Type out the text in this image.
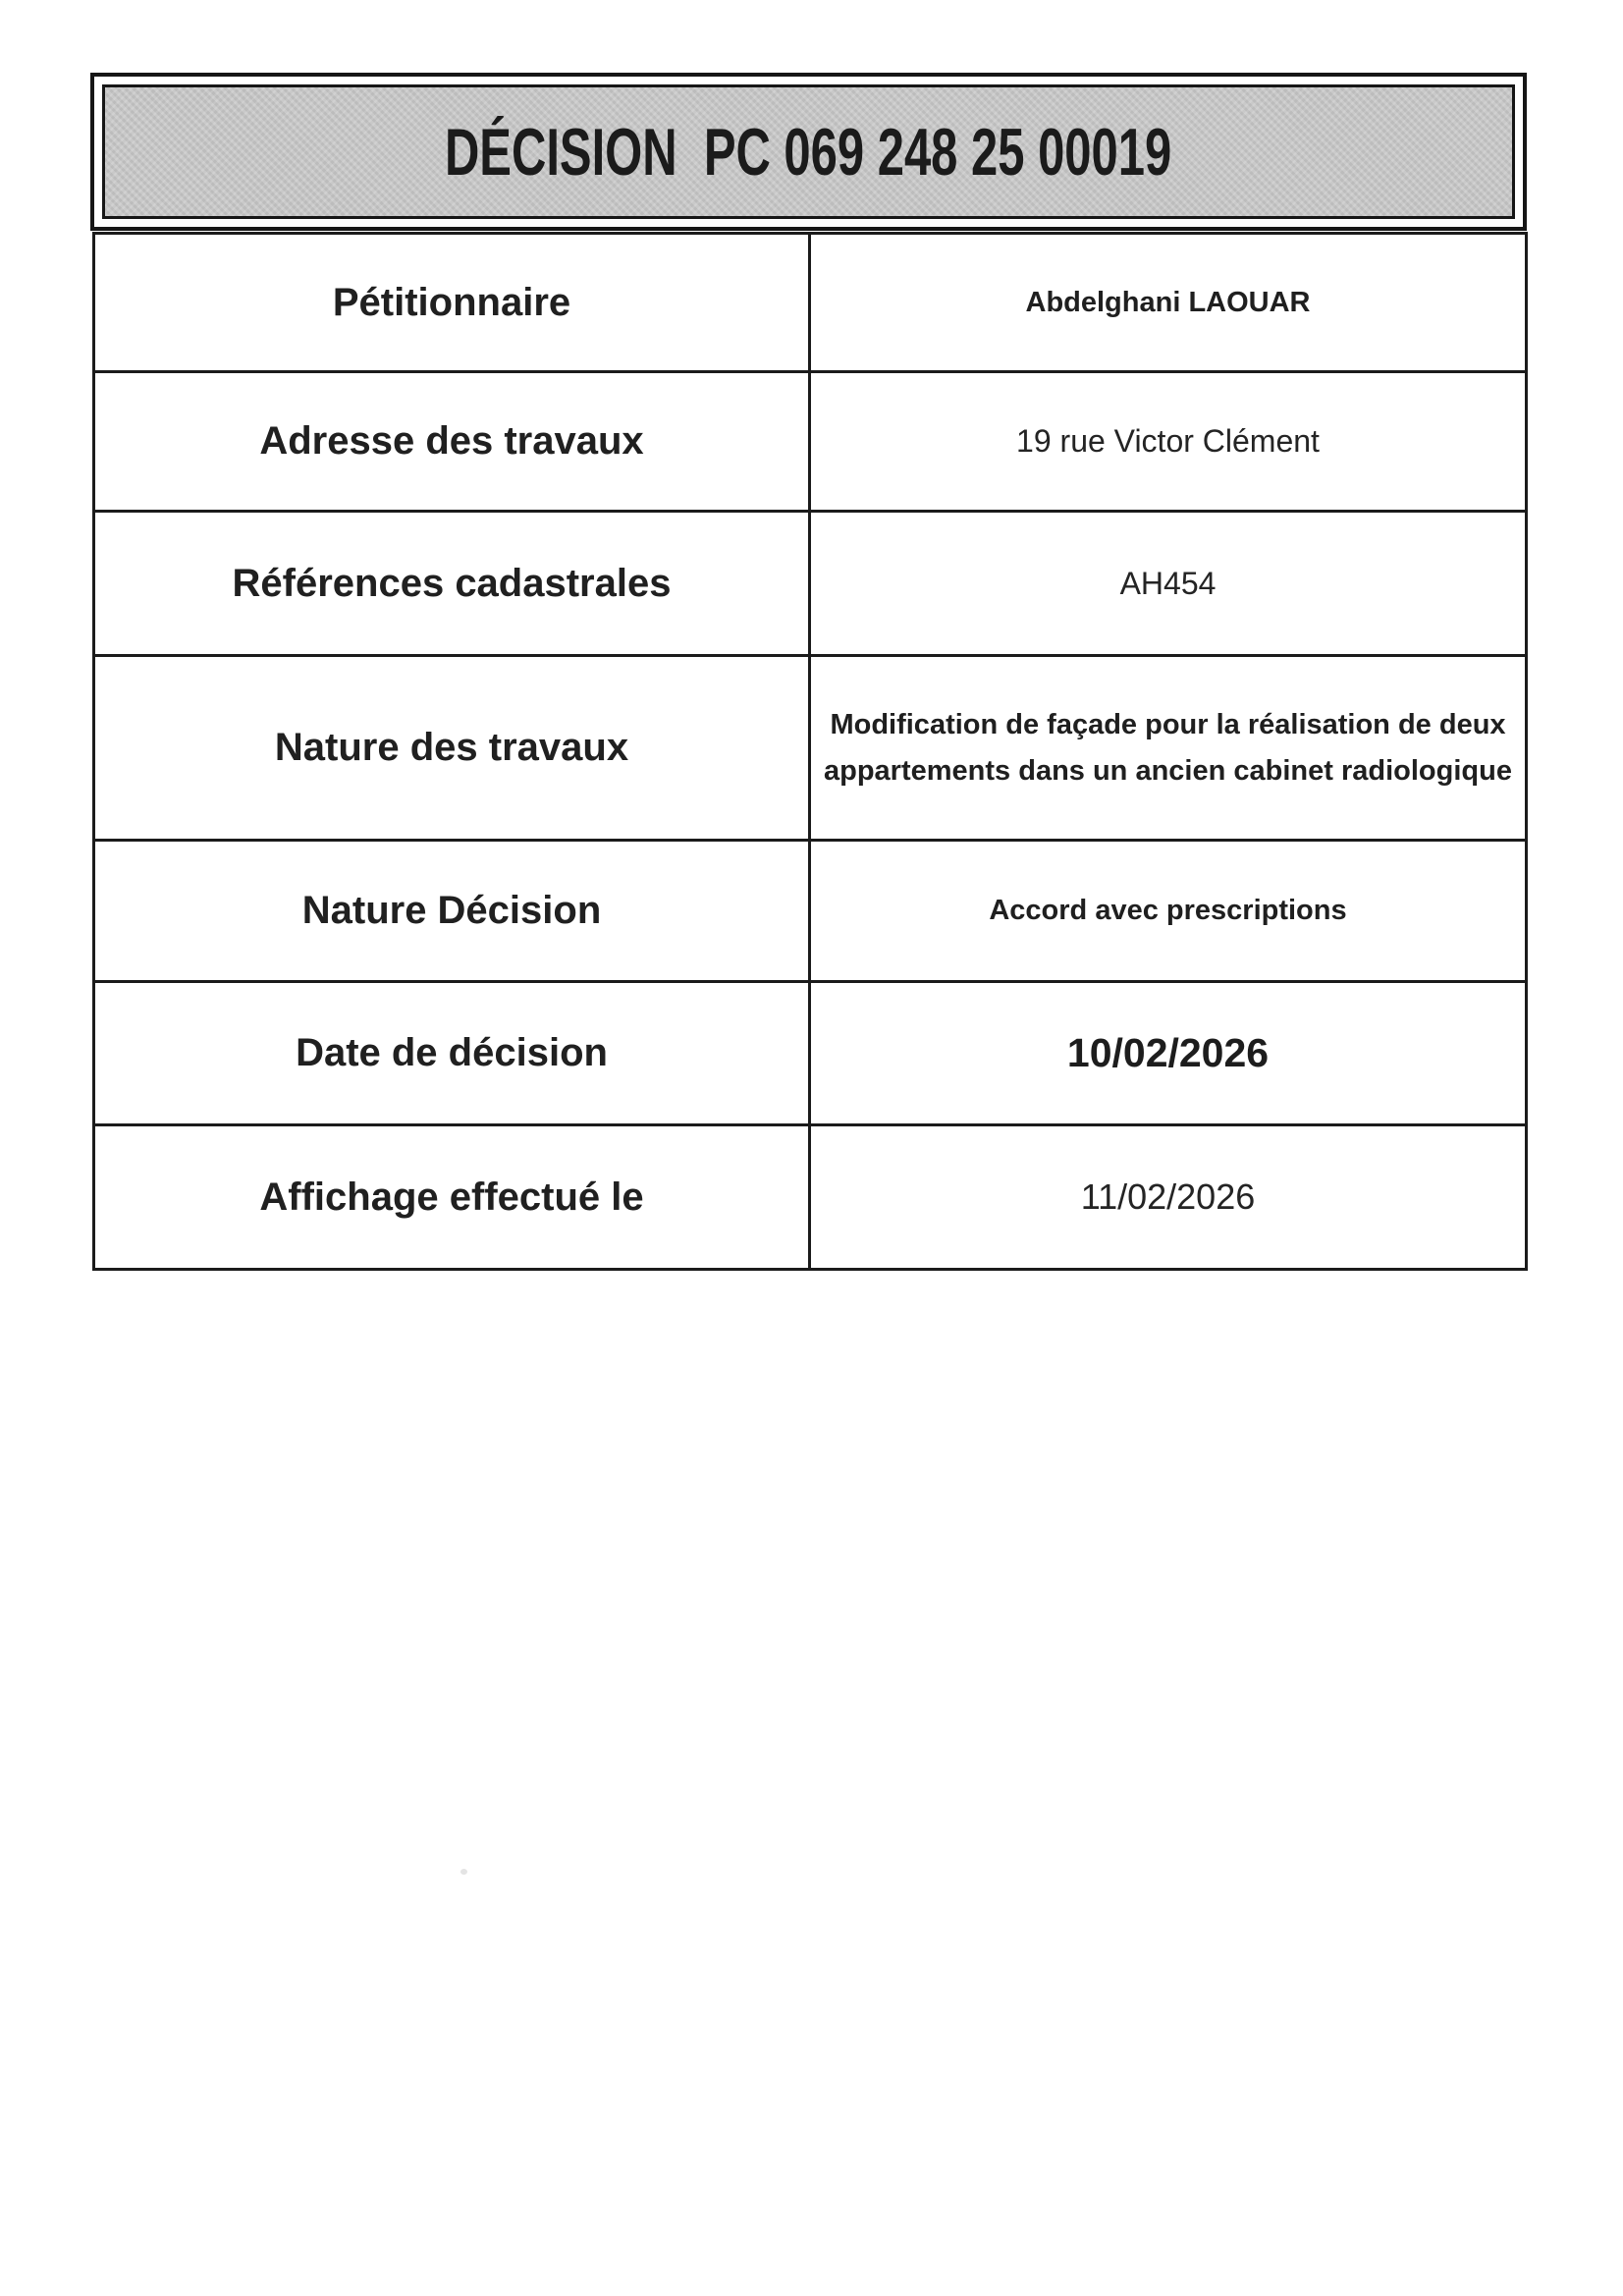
DÉCISION  PC 069 248 25 00019
Pétitionnaire	Abdelghani LAOUAR
Adresse des travaux	19 rue Victor Clément
Références cadastrales	AH454
Nature des travaux	Modification de façade pour la réalisation de deux appartements dans un ancien cabinet radiologique
Nature Décision	Accord avec prescriptions
Date de décision	10/02/2026
Affichage effectué le	11/02/2026
